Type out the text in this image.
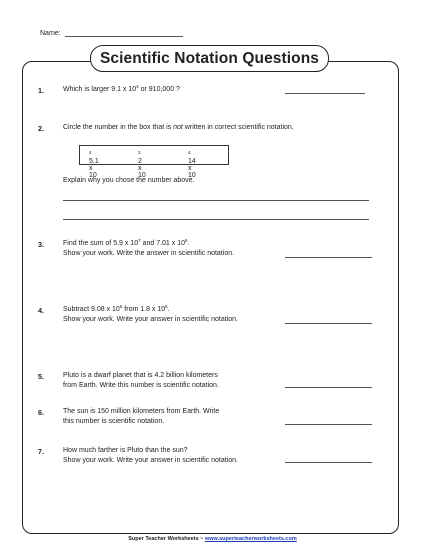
Name:
Scientific Notation Questions
1.	Which is larger 9.1 x $10^4$ or 910,000 ?
2.	Circle the number in the box that is not written in correct scientific notation.
5.1 x 10
$^4$
2 x 10
$^3$
14 x 10
$^4$
Explain why you chose the number above.
3.	Find the sum of 5.9 x $10^7$ and 7.01 x $10^8$.
Show your work. Write the answer in scientific notation.
4.	Subtract 9.08 x $10^5$ from 1.8 x $10^6$.
Show your work. Write your answer in scientific notation.
5.	Pluto is a dwarf planet that is 4.2 billion kilometers
from Earth. Write this number is scientific notation.
6.	The sun is 150 million kilometers from Earth. Write
this number is scientific notation.
7.	How much farther is Pluto than the sun?
Show your work. Write your answer in scientific notation.
Super Teacher Worksheets ~ www.superteacherworksheets.com
